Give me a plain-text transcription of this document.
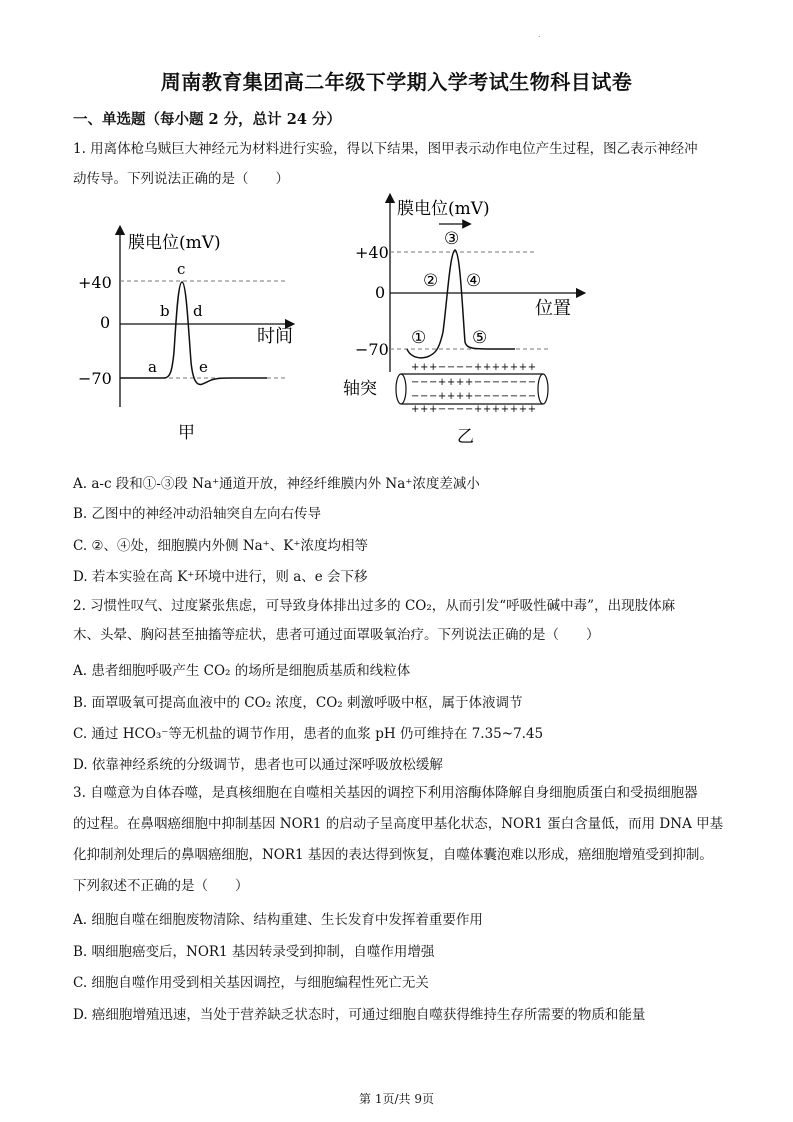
.
周南教育集团高二年级下学期入学考试生物科目试卷
一、单选题（每小题 2 分，总计 24 分）
1. 用离体枪乌贼巨大神经元为材料进行实验，得以下结果，图甲表示动作电位产生过程，图乙表示神经冲
动传导。下列说法正确的是（　　）
膜电位(mV)
时间
+40
0
−70
a
b
c
d
e
甲
膜电位(mV)
位置
+40
0
−70
①
②
③
④
⑤
轴突
+++−−−−+++++++
−−−++++−−−−−−−
−−−++++−−−−−−−
+++−−−−+++++++
乙
A. a-c 段和①-③段 Na⁺通道开放，神经纤维膜内外 Na⁺浓度差减小
B. 乙图中的神经冲动沿轴突自左向右传导
C. ②、④处，细胞膜内外侧 Na⁺、K⁺浓度均相等
D. 若本实验在高 K⁺环境中进行，则 a、e 会下移
2. 习惯性叹气、过度紧张焦虑，可导致身体排出过多的 CO₂，从而引发“呼吸性碱中毒”，出现肢体麻
木、头晕、胸闷甚至抽搐等症状，患者可通过面罩吸氧治疗。下列说法正确的是（　　）
A. 患者细胞呼吸产生 CO₂ 的场所是细胞质基质和线粒体
B. 面罩吸氧可提高血液中的 CO₂ 浓度，CO₂ 刺激呼吸中枢，属于体液调节
C. 通过 HCO₃⁻等无机盐的调节作用，患者的血浆 pH 仍可维持在 7.35~7.45
D. 依靠神经系统的分级调节，患者也可以通过深呼吸放松缓解
3. 自噬意为自体吞噬，是真核细胞在自噬相关基因的调控下利用溶酶体降解自身细胞质蛋白和受损细胞器
的过程。在鼻咽癌细胞中抑制基因 NOR1 的启动子呈高度甲基化状态，NOR1 蛋白含量低，而用 DNA 甲基
化抑制剂处理后的鼻咽癌细胞，NOR1 基因的表达得到恢复，自噬体囊泡难以形成，癌细胞增殖受到抑制。
下列叙述不正确的是（　　）
A. 细胞自噬在细胞废物清除、结构重建、生长发育中发挥着重要作用
B. 咽细胞癌变后，NOR1 基因转录受到抑制，自噬作用增强
C. 细胞自噬作用受到相关基因调控，与细胞编程性死亡无关
D. 癌细胞增殖迅速，当处于营养缺乏状态时，可通过细胞自噬获得维持生存所需要的物质和能量
第 1页/共 9页
